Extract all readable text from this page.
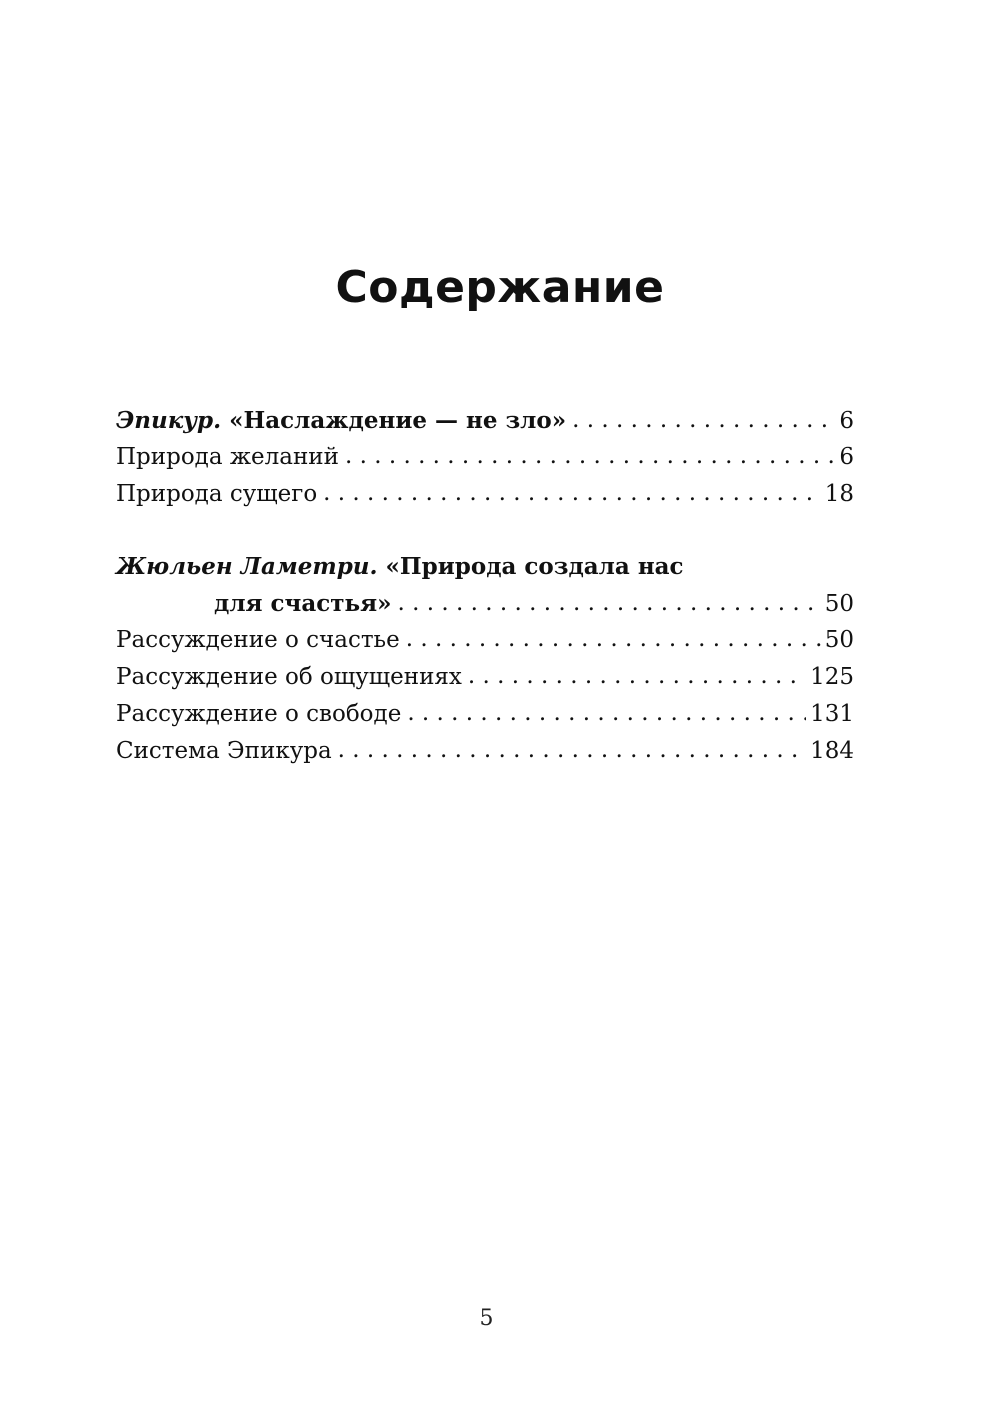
Содержание
Эпикур. «Наслаждение — не зло» . . .	6
Природа желаний . . .	6
Природа сущего . . .	18
Жюльен Ламетри. «Природа создала нас
для счастья» . . .	50
Рассуждение о счастье . . .	50
Рассуждение об ощущениях . . .	125
Рассуждение о свободе . . .	131
Система Эпикура . . .	184
5
